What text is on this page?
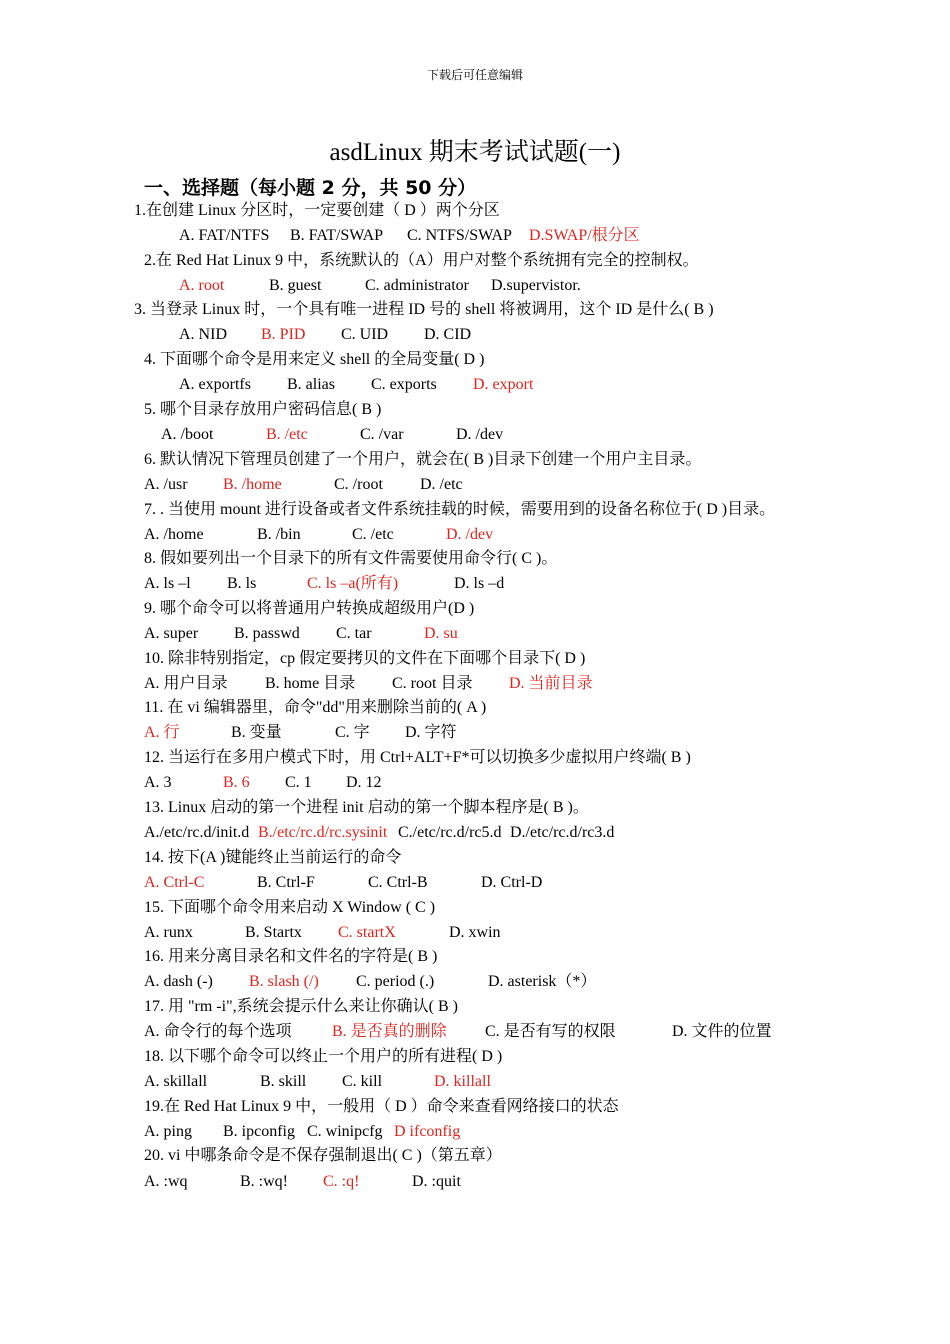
下载后可任意编辑
asdLinux 期末考试试题(一)
一、选择题（每小题 2 分，共 50 分）
1.在创建 Linux 分区时，一定要创建（ D ）两个分区
A. FAT/NTFS B. FAT/SWAP C. NTFS/SWAP D.SWAP/根分区
2.在 Red Hat Linux 9 中，系统默认的（A）用户对整个系统拥有完全的控制权。
A. root	B. guest	C. administrator D.supervistor.
3. 当登录 Linux 时，一个具有唯一进程 ID 号的 shell 将被调用，这个 ID 是什么( B )
A. NID B. PID C. UID D. CID
4. 下面哪个命令是用来定义 shell 的全局变量( D )
A. exportfs B. alias C. exports D. export
5. 哪个目录存放用户密码信息( B )
A. /boot	B. /etc	C. /var	D. /dev
6. 默认情况下管理员创建了一个用户，就会在( B )目录下创建一个用户主目录。
A. /usr B. /home	C. /root D. /etc
7. . 当使用 mount 进行设备或者文件系统挂载的时候，需要用到的设备名称位于( D )目录。
A. /home	B. /bin	C. /etc	D. /dev
8. 假如要列出一个目录下的所有文件需要使用命令行( C )。
A. ls –l B. ls	C. ls –a(所有)	D. ls –d
9. 哪个命令可以将普通用户转换成超级用户(D )
A. super B. passwd C. tar	D. su
10. 除非特别指定，cp 假定要拷贝的文件在下面哪个目录下( D )
A. 用户目录 B. home 目录 C. root 目录 D. 当前目录
11. 在 vi 编辑器里，命令"dd"用来删除当前的( A )
A. 行	B. 变量	C. 字 D. 字符
12. 当运行在多用户模式下时，用 Ctrl+ALT+F*可以切换多少虚拟用户终端( B )
A. 3	B. 6 C. 1 D. 12
13. Linux 启动的第一个进程 init 启动的第一个脚本程序是( B )。
A./etc/rc.d/init.d B./etc/rc.d/rc.sysinit C./etc/rc.d/rc5.d D./etc/rc.d/rc3.d
14. 按下(A )键能终止当前运行的命令
A. Ctrl-C	B. Ctrl-F	C. Ctrl-B	D. Ctrl-D
15. 下面哪个命令用来启动 X Window ( C )
A. runx	B. Startx C. startX	D. xwin
16. 用来分离目录名和文件名的字符是( B )
A. dash (-) B. slash (/) C. period (.)	D. asterisk（*）
17. 用 "rm -i",系统会提示什么来让你确认( B )
A. 命令行的每个选项	B. 是否真的删除 C. 是否有写的权限	D. 文件的位置
18. 以下哪个命令可以终止一个用户的所有进程( D )
A. skillall	B. skill C. kill	D. killall
19.在 Red Hat Linux 9 中，一般用（ D ）命令来查看网络接口的状态
A. ping B. ipconfig C. winipcfg D ifconfig
20. vi 中哪条命令是不保存强制退出( C )（第五章）
A. :wq	B. :wq! C. :q!	D. :quit
